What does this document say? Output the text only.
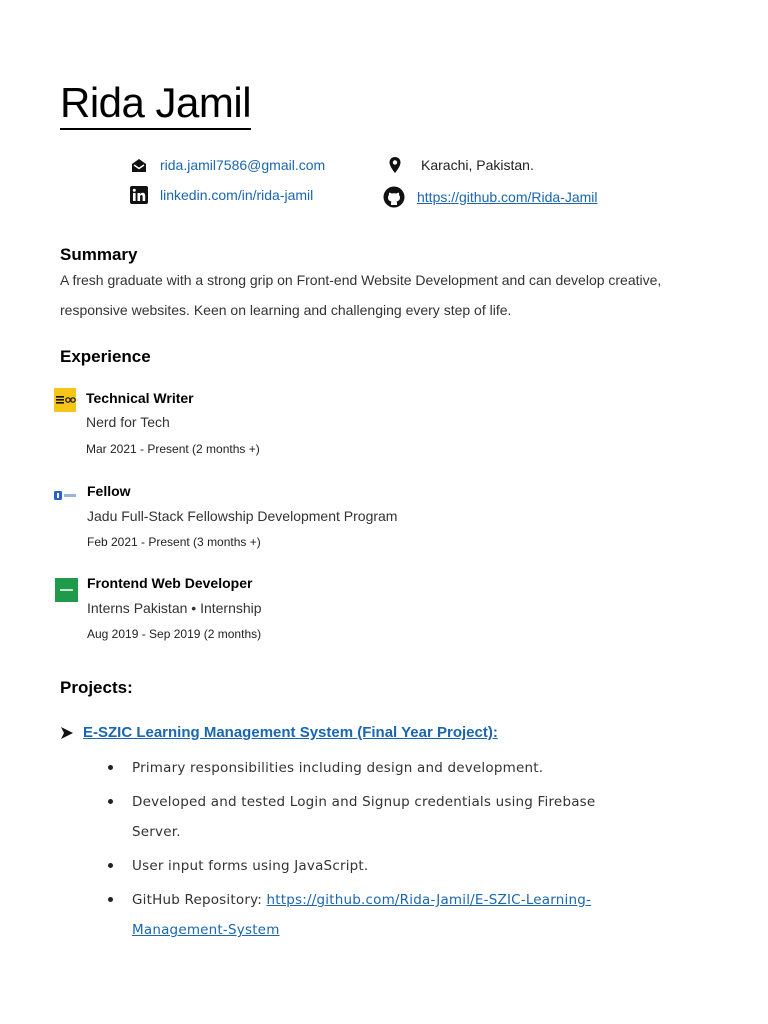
Rida Jamil
rida.jamil7586@gmail.com	Karachi, Pakistan.
linkedin.com/in/rida-jamil	https://github.com/Rida-Jamil
Summary
A fresh graduate with a strong grip on Front-end Website Development and can develop creative, responsive websites. Keen on learning and challenging every step of life.
Experience
Technical Writer
Nerd for Tech
Mar 2021 - Present (2 months +)
Fellow
Jadu Full-Stack Fellowship Development Program
Feb 2021 - Present (3 months +)
Frontend Web Developer
Interns Pakistan • Internship
Aug 2019 - Sep 2019 (2 months)
Projects:
E-SZIC Learning Management System (Final Year Project):
Primary responsibilities including design and development.
Developed and tested Login and Signup credentials using Firebase Server.
User input forms using JavaScript.
GitHub Repository: https://github.com/Rida-Jamil/E-SZIC-Learning-Management-System
